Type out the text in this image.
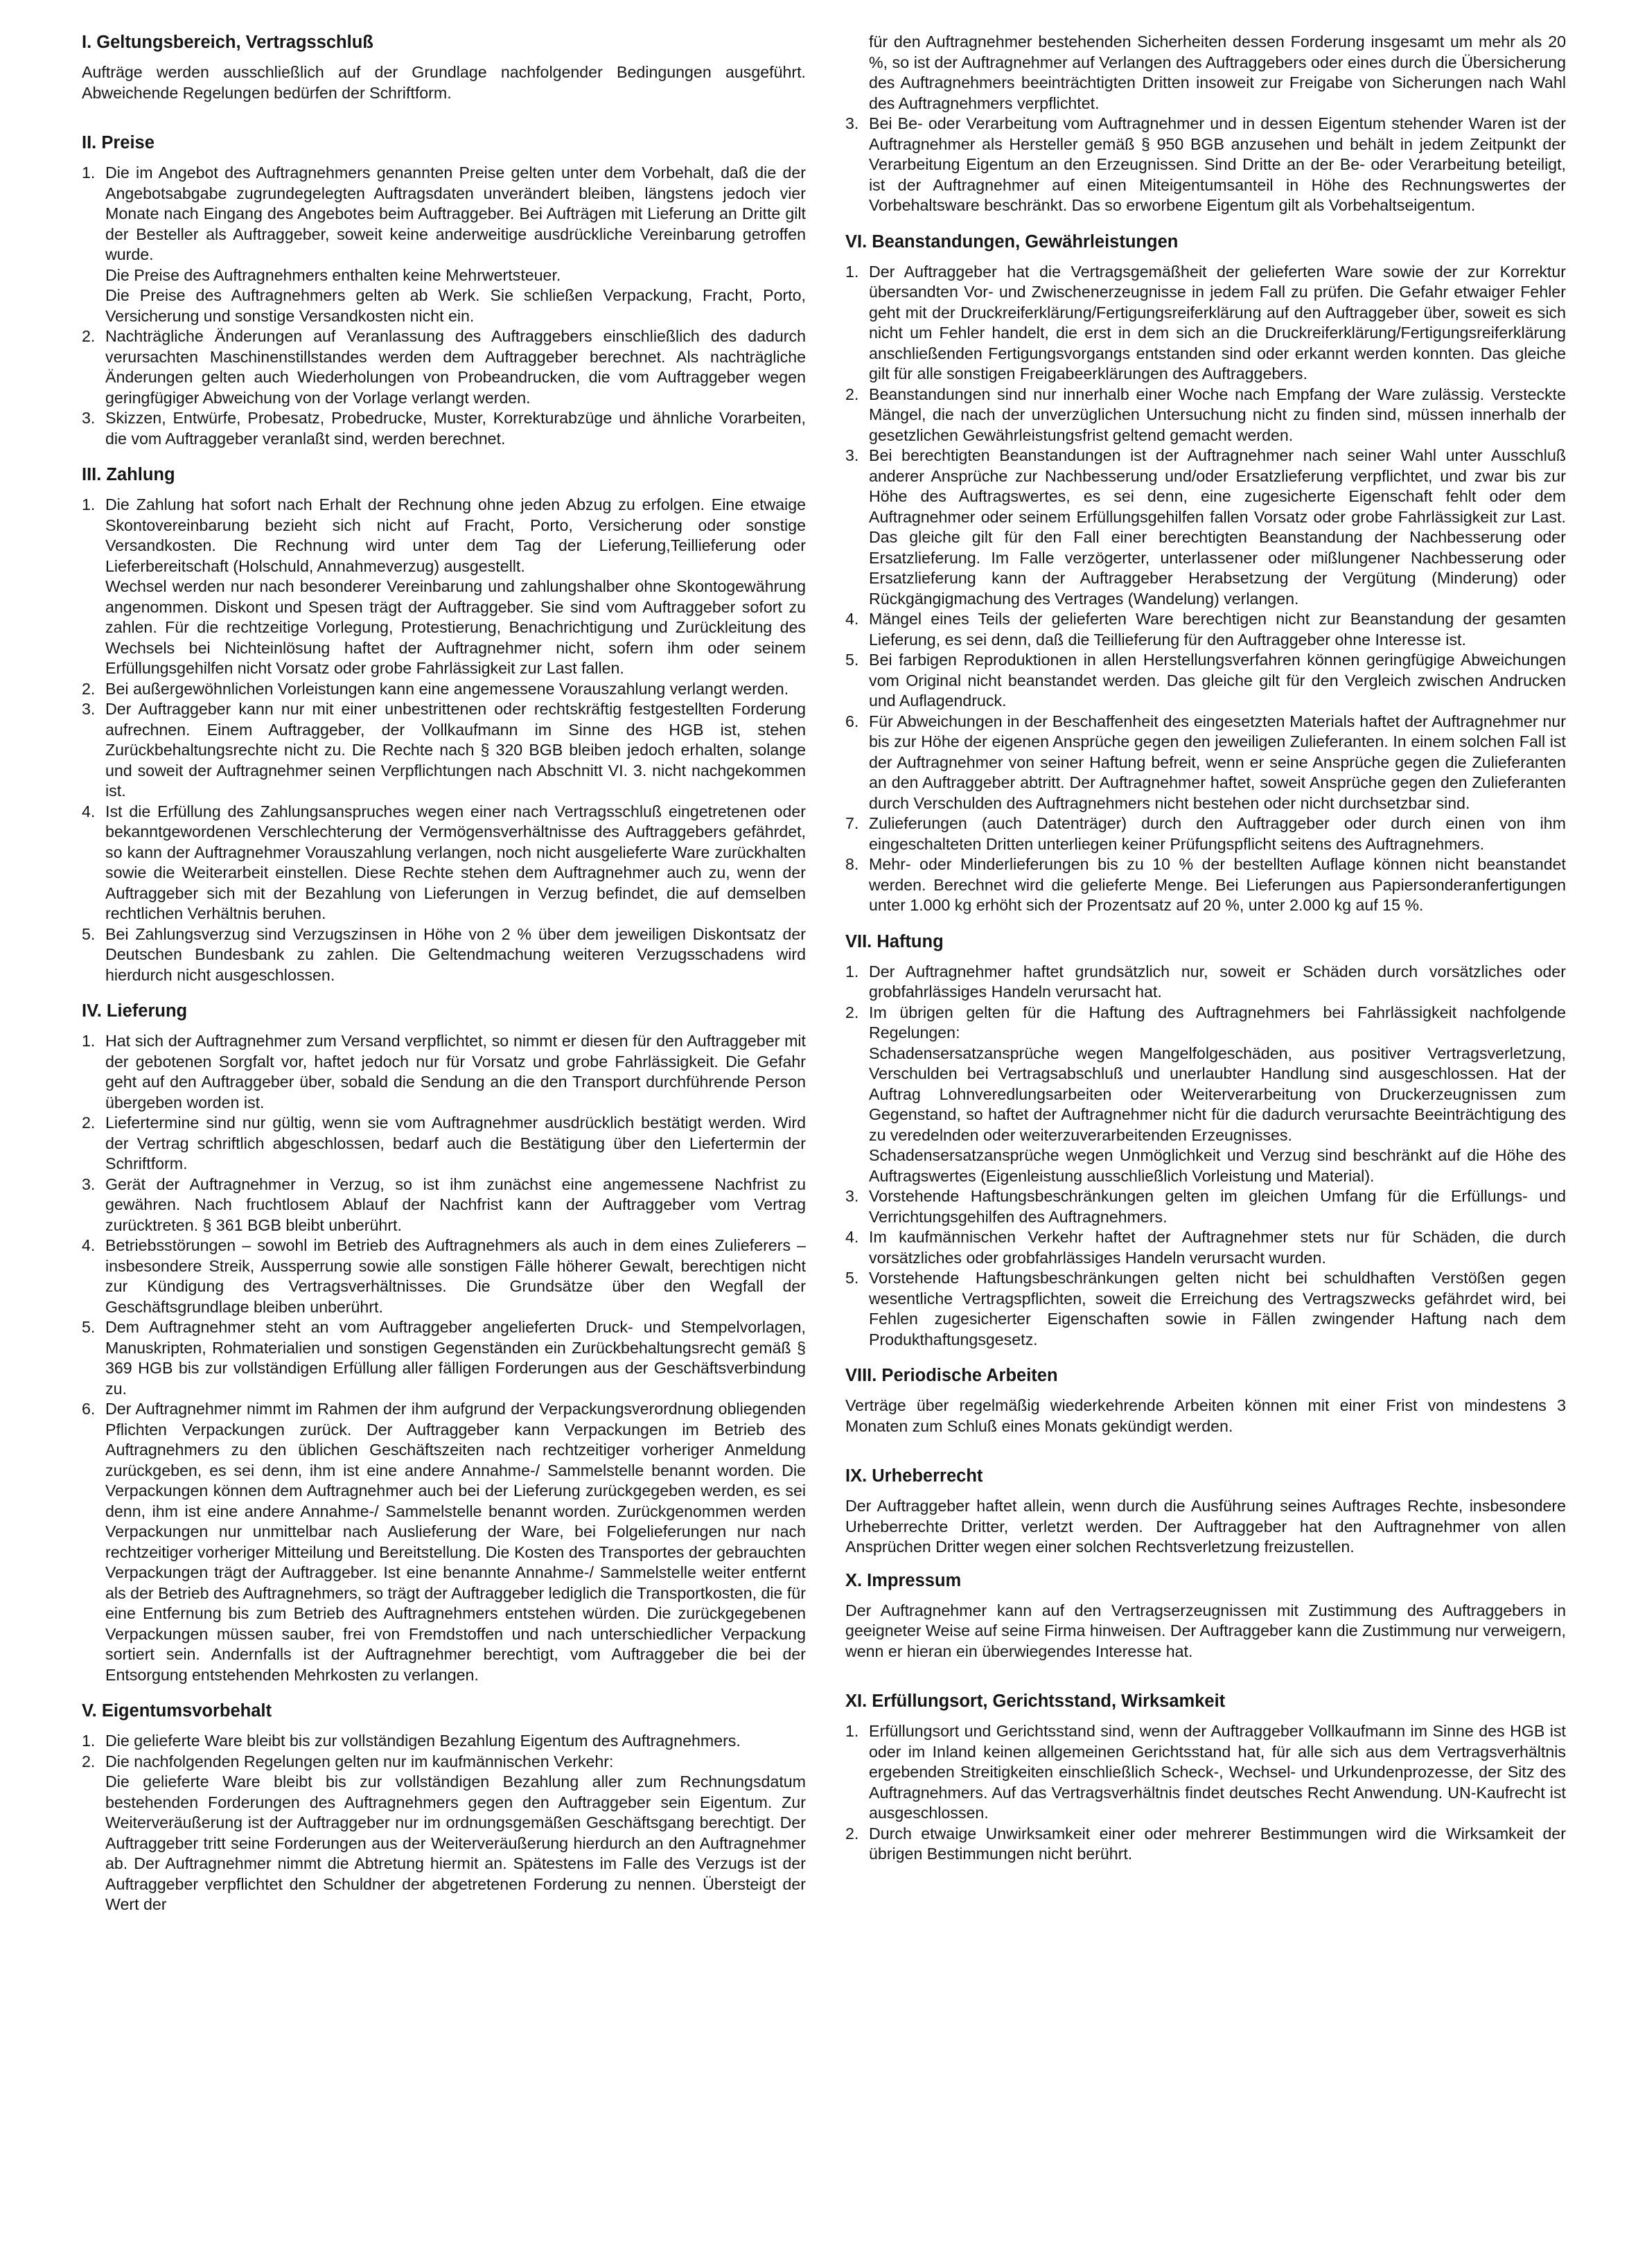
I. Geltungsbereich, Vertragsschluß
Aufträge werden ausschließlich auf der Grundlage nachfolgender Bedingungen ausgeführt. Abweichende Regelungen bedürfen der Schriftform.
II. Preise
1. Die im Angebot des Auftragnehmers genannten Preise gelten unter dem Vorbehalt, daß die der Angebotsabgabe zugrundegelegten Auftragsdaten unverändert bleiben, längstens jedoch vier Monate nach Eingang des Angebotes beim Auftraggeber. Bei Aufträgen mit Lieferung an Dritte gilt der Besteller als Auftraggeber, soweit keine anderweitige ausdrückliche Vereinbarung getroffen wurde.
Die Preise des Auftragnehmers enthalten keine Mehrwertsteuer.
Die Preise des Auftragnehmers gelten ab Werk. Sie schließen Verpackung, Fracht, Porto, Versicherung und sonstige Versandkosten nicht ein.
2. Nachträgliche Änderungen auf Veranlassung des Auftraggebers einschließlich des dadurch verursachten Maschinenstillstandes werden dem Auftraggeber berechnet. Als nachträgliche Änderungen gelten auch Wiederholungen von Probeandrucken, die vom Auftraggeber wegen geringfügiger Abweichung von der Vorlage verlangt werden.
3. Skizzen, Entwürfe, Probesatz, Probedrucke, Muster, Korrekturabzüge und ähnliche Vorarbeiten, die vom Auftraggeber veranlaßt sind, werden berechnet.
III. Zahlung
1. Die Zahlung hat sofort nach Erhalt der Rechnung ohne jeden Abzug zu erfolgen. Eine etwaige Skontovereinbarung bezieht sich nicht auf Fracht, Porto, Versicherung oder sonstige Versandkosten. Die Rechnung wird unter dem Tag der Lieferung,Teillieferung oder Lieferbereitschaft (Holschuld, Annahmeverzug) ausgestellt.
Wechsel werden nur nach besonderer Vereinbarung und zahlungshalber ohne Skontogewährung angenommen. Diskont und Spesen trägt der Auftraggeber. Sie sind vom Auftraggeber sofort zu zahlen. Für die rechtzeitige Vorlegung, Protestierung, Benachrichtigung und Zurückleitung des Wechsels bei Nichteinlösung haftet der Auftragnehmer nicht, sofern ihm oder seinem Erfüllungsgehilfen nicht Vorsatz oder grobe Fahrlässigkeit zur Last fallen.
2. Bei außergewöhnlichen Vorleistungen kann eine angemessene Vorauszahlung verlangt werden.
3. Der Auftraggeber kann nur mit einer unbestrittenen oder rechtskräftig festgestellten Forderung aufrechnen. Einem Auftraggeber, der Vollkaufmann im Sinne des HGB ist, stehen Zurückbehaltungsrechte nicht zu. Die Rechte nach § 320 BGB bleiben jedoch erhalten, solange und soweit der Auftragnehmer seinen Verpflichtungen nach Abschnitt VI. 3. nicht nachgekommen ist.
4. Ist die Erfüllung des Zahlungsanspruches wegen einer nach Vertragsschluß eingetretenen oder bekanntgewordenen Verschlechterung der Vermögensverhältnisse des Auftraggebers gefährdet, so kann der Auftragnehmer Vorauszahlung verlangen, noch nicht ausgelieferte Ware zurückhalten sowie die Weiterarbeit einstellen. Diese Rechte stehen dem Auftragnehmer auch zu, wenn der Auftraggeber sich mit der Bezahlung von Lieferungen in Verzug befindet, die auf demselben rechtlichen Verhältnis beruhen.
5. Bei Zahlungsverzug sind Verzugszinsen in Höhe von 2 % über dem jeweiligen Diskontsatz der Deutschen Bundesbank zu zahlen. Die Geltendmachung weiteren Verzugsschadens wird hierdurch nicht ausgeschlossen.
IV. Lieferung
1. Hat sich der Auftragnehmer zum Versand verpflichtet, so nimmt er diesen für den Auftraggeber mit der gebotenen Sorgfalt vor, haftet jedoch nur für Vorsatz und grobe Fahrlässigkeit. Die Gefahr geht auf den Auftraggeber über, sobald die Sendung an die den Transport durchführende Person übergeben worden ist.
2. Liefertermine sind nur gültig, wenn sie vom Auftragnehmer ausdrücklich bestätigt werden. Wird der Vertrag schriftlich abgeschlossen, bedarf auch die Bestätigung über den Liefertermin der Schriftform.
3. Gerät der Auftragnehmer in Verzug, so ist ihm zunächst eine angemessene Nachfrist zu gewähren. Nach fruchtlosem Ablauf der Nachfrist kann der Auftraggeber vom Vertrag zurücktreten. § 361 BGB bleibt unberührt.
4. Betriebsstörungen – sowohl im Betrieb des Auftragnehmers als auch in dem eines Zulieferers – insbesondere Streik, Aussperrung sowie alle sonstigen Fälle höherer Gewalt, berechtigen nicht zur Kündigung des Vertragsverhältnisses. Die Grundsätze über den Wegfall der Geschäftsgrundlage bleiben unberührt.
5. Dem Auftragnehmer steht an vom Auftraggeber angelieferten Druck- und Stempelvorlagen, Manuskripten, Rohmaterialien und sonstigen Gegenständen ein Zurückbehaltungsrecht gemäß § 369 HGB bis zur vollständigen Erfüllung aller fälligen Forderungen aus der Geschäftsverbindung zu.
6. Der Auftragnehmer nimmt im Rahmen der ihm aufgrund der Verpackungsverordnung obliegenden Pflichten Verpackungen zurück. Der Auftraggeber kann Verpackungen im Betrieb des Auftragnehmers zu den üblichen Geschäftszeiten nach rechtzeitiger vorheriger Anmeldung zurückgeben, es sei denn, ihm ist eine andere Annahme-/ Sammelstelle benannt worden. Die Verpackungen können dem Auftragnehmer auch bei der Lieferung zurückgegeben werden, es sei denn, ihm ist eine andere Annahme-/ Sammelstelle benannt worden. Zurückgenommen werden Verpackungen nur unmittelbar nach Auslieferung der Ware, bei Folgelieferungen nur nach rechtzeitiger vorheriger Mitteilung und Bereitstellung. Die Kosten des Transportes der gebrauchten Verpackungen trägt der Auftraggeber. Ist eine benannte Annahme-/ Sammelstelle weiter entfernt als der Betrieb des Auftragnehmers, so trägt der Auftraggeber lediglich die Transportkosten, die für eine Entfernung bis zum Betrieb des Auftragnehmers entstehen würden. Die zurückgegebenen Verpackungen müssen sauber, frei von Fremdstoffen und nach unterschiedlicher Verpackung sortiert sein. Andernfalls ist der Auftragnehmer berechtigt, vom Auftraggeber die bei der Entsorgung entstehenden Mehrkosten zu verlangen.
V. Eigentumsvorbehalt
1. Die gelieferte Ware bleibt bis zur vollständigen Bezahlung Eigentum des Auftragnehmers.
2. Die nachfolgenden Regelungen gelten nur im kaufmännischen Verkehr:
Die gelieferte Ware bleibt bis zur vollständigen Bezahlung aller zum Rechnungsdatum bestehenden Forderungen des Auftragnehmers gegen den Auftraggeber sein Eigentum. Zur Weiterveräußerung ist der Auftraggeber nur im ordnungsgemäßen Geschäftsgang berechtigt. Der Auftraggeber tritt seine Forderungen aus der Weiterveräußerung hierdurch an den Auftragnehmer ab. Der Auftragnehmer nimmt die Abtretung hiermit an. Spätestens im Falle des Verzugs ist der Auftraggeber verpflichtet den Schuldner der abgetretenen Forderung zu nennen. Übersteigt der Wert der
für den Auftragnehmer bestehenden Sicherheiten dessen Forderung insgesamt um mehr als 20 %, so ist der Auftragnehmer auf Verlangen des Auftraggebers oder eines durch die Übersicherung des Auftragnehmers beeinträchtigten Dritten insoweit zur Freigabe von Sicherungen nach Wahl des Auftragnehmers verpflichtet.
3. Bei Be- oder Verarbeitung vom Auftragnehmer und in dessen Eigentum stehender Waren ist der Auftragnehmer als Hersteller gemäß § 950 BGB anzusehen und behält in jedem Zeitpunkt der Verarbeitung Eigentum an den Erzeugnissen. Sind Dritte an der Be- oder Verarbeitung beteiligt, ist der Auftragnehmer auf einen Miteigentumsanteil in Höhe des Rechnungswertes der Vorbehaltsware beschränkt. Das so erworbene Eigentum gilt als Vorbehaltseigentum.
VI. Beanstandungen, Gewährleistungen
1. Der Auftraggeber hat die Vertragsgemäßheit der gelieferten Ware sowie der zur Korrektur übersandten Vor- und Zwischenerzeugnisse in jedem Fall zu prüfen. Die Gefahr etwaiger Fehler geht mit der Druckreiferklärung/Fertigungsreiferklärung auf den Auftraggeber über, soweit es sich nicht um Fehler handelt, die erst in dem sich an die Druckreiferklärung/Fertigungsreiferklärung anschließenden Fertigungsvorgangs entstanden sind oder erkannt werden konnten. Das gleiche gilt für alle sonstigen Freigabeerklärungen des Auftraggebers.
2. Beanstandungen sind nur innerhalb einer Woche nach Empfang der Ware zulässig. Versteckte Mängel, die nach der unverzüglichen Untersuchung nicht zu finden sind, müssen innerhalb der gesetzlichen Gewährleistungsfrist geltend gemacht werden.
3. Bei berechtigten Beanstandungen ist der Auftragnehmer nach seiner Wahl unter Ausschluß anderer Ansprüche zur Nachbesserung und/oder Ersatzlieferung verpflichtet, und zwar bis zur Höhe des Auftragswertes, es sei denn, eine zugesicherte Eigenschaft fehlt oder dem Auftragnehmer oder seinem Erfüllungsgehilfen fallen Vorsatz oder grobe Fahrlässigkeit zur Last. Das gleiche gilt für den Fall einer berechtigten Beanstandung der Nachbesserung oder Ersatzlieferung. Im Falle verzögerter, unterlassener oder mißlungener Nachbesserung oder Ersatzlieferung kann der Auftraggeber Herabsetzung der Vergütung (Minderung) oder Rückgängigmachung des Vertrages (Wandelung) verlangen.
4. Mängel eines Teils der gelieferten Ware berechtigen nicht zur Beanstandung der gesamten Lieferung, es sei denn, daß die Teillieferung für den Auftraggeber ohne Interesse ist.
5. Bei farbigen Reproduktionen in allen Herstellungsverfahren können geringfügige Abweichungen vom Original nicht beanstandet werden. Das gleiche gilt für den Vergleich zwischen Andrucken und Auflagendruck.
6. Für Abweichungen in der Beschaffenheit des eingesetzten Materials haftet der Auftragnehmer nur bis zur Höhe der eigenen Ansprüche gegen den jeweiligen Zulieferanten. In einem solchen Fall ist der Auftragnehmer von seiner Haftung befreit, wenn er seine Ansprüche gegen die Zulieferanten an den Auftraggeber abtritt. Der Auftragnehmer haftet, soweit Ansprüche gegen den Zulieferanten durch Verschulden des Auftragnehmers nicht bestehen oder nicht durchsetzbar sind.
7. Zulieferungen (auch Datenträger) durch den Auftraggeber oder durch einen von ihm eingeschalteten Dritten unterliegen keiner Prüfungspflicht seitens des Auftragnehmers.
8. Mehr- oder Minderlieferungen bis zu 10 % der bestellten Auflage können nicht beanstandet werden. Berechnet wird die gelieferte Menge. Bei Lieferungen aus Papiersonderanfertigungen unter 1.000 kg erhöht sich der Prozentsatz auf 20 %, unter 2.000 kg auf 15 %.
VII. Haftung
1. Der Auftragnehmer haftet grundsätzlich nur, soweit er Schäden durch vorsätzliches oder grobfahrlässiges Handeln verursacht hat.
2. Im übrigen gelten für die Haftung des Auftragnehmers bei Fahrlässigkeit nachfolgende Regelungen:
Schadensersatzansprüche wegen Mangelfolgeschäden, aus positiver Vertragsverletzung, Verschulden bei Vertragsabschluß und unerlaubter Handlung sind ausgeschlossen. Hat der Auftrag Lohnveredlungsarbeiten oder Weiterverarbeitung von Druckerzeugnissen zum Gegenstand, so haftet der Auftragnehmer nicht für die dadurch verursachte Beeinträchtigung des zu veredelnden oder weiterzuverarbeitenden Erzeugnisses.
Schadensersatzansprüche wegen Unmöglichkeit und Verzug sind beschränkt auf die Höhe des Auftragswertes (Eigenleistung ausschließlich Vorleistung und Material).
3. Vorstehende Haftungsbeschränkungen gelten im gleichen Umfang für die Erfüllungs- und Verrichtungsgehilfen des Auftragnehmers.
4. Im kaufmännischen Verkehr haftet der Auftragnehmer stets nur für Schäden, die durch vorsätzliches oder grobfahrlässiges Handeln verursacht wurden.
5. Vorstehende Haftungsbeschränkungen gelten nicht bei schuldhaften Verstößen gegen wesentliche Vertragspflichten, soweit die Erreichung des Vertragszwecks gefährdet wird, bei Fehlen zugesicherter Eigenschaften sowie in Fällen zwingender Haftung nach dem Produkthaftungsgesetz.
VIII. Periodische Arbeiten
Verträge über regelmäßig wiederkehrende Arbeiten können mit einer Frist von mindestens 3 Monaten zum Schluß eines Monats gekündigt werden.
IX. Urheberrecht
Der Auftraggeber haftet allein, wenn durch die Ausführung seines Auftrages Rechte, insbesondere Urheberrechte Dritter, verletzt werden. Der Auftraggeber hat den Auftragnehmer von allen Ansprüchen Dritter wegen einer solchen Rechtsverletzung freizustellen.
X. Impressum
Der Auftragnehmer kann auf den Vertragserzeugnissen mit Zustimmung des Auftraggebers in geeigneter Weise auf seine Firma hinweisen. Der Auftraggeber kann die Zustimmung nur verweigern, wenn er hieran ein überwiegendes Interesse hat.
XI. Erfüllungsort, Gerichtsstand, Wirksamkeit
1. Erfüllungsort und Gerichtsstand sind, wenn der Auftraggeber Vollkaufmann im Sinne des HGB ist oder im Inland keinen allgemeinen Gerichtsstand hat, für alle sich aus dem Vertragsverhältnis ergebenden Streitigkeiten einschließlich Scheck-, Wechsel- und Urkundenprozesse, der Sitz des Auftragnehmers. Auf das Vertragsverhältnis findet deutsches Recht Anwendung. UN-Kaufrecht ist ausgeschlossen.
2. Durch etwaige Unwirksamkeit einer oder mehrerer Bestimmungen wird die Wirksamkeit der übrigen Bestimmungen nicht berührt.
